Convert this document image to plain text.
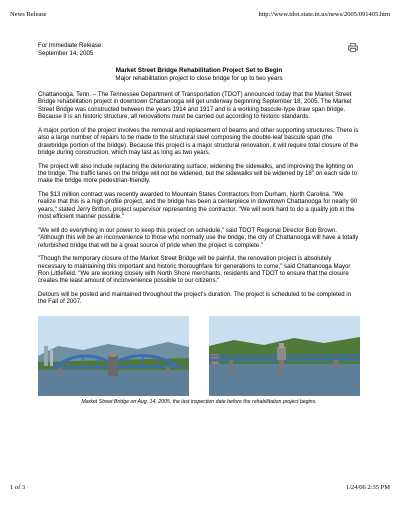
News Release	http://www.tdot.state.tn.us/news/2005/091405.htm
For Immediate Release:
September 14, 2005
Market Street Bridge Rehabilitation Project Set to Begin
Major rehabilitation project to close bridge for up to two years

Chattanooga, Tenn. – The Tennessee Department of Transportation (TDOT) announced today that the Market Street Bridge rehabilitation project in downtown Chattanooga will get underway beginning September 18, 2005. The Market Street Bridge was constructed between the years 1914 and 1917 and is a working bascule-type draw span bridge. Because it is an historic structure, all renovations must be carried out according to historic standards.

A major portion of the project involves the removal and replacement of beams and other supporting structures. There is also a large number of repairs to be made to the structural steel composing the double-leaf bascule span (the drawbridge portion of the bridge). Because this project is a major structural renovation, it will require total closure of the bridge during construction, which may last as long as two years.

The project will also include replacing the deteriorating surface, widening the sidewalks, and improving the lighting on the bridge. The traffic lanes on the bridge will not be widened, but the sidewalks will be widened by 18" on each side to make the bridge more pedestrian-friendly.

The $13 million contract was recently awarded to Mountain States Contractors from Durham, North Carolina. "We realize that this is a high-profile project, and the bridge has been a centerpiece in downtown Chattanooga for nearly 90 years," stated Jerry Britton, project supervisor representing the contractor. "We will work hard to do a quality job in the most efficient manner possible."

"We will do everything in our power to keep this project on schedule," said TDOT Regional Director Bob Brown. "Although this will be an inconvenience to those who normally use the bridge, the city of Chattanooga will have a totally refurbished bridge that will be a great source of pride when the project is complete."

"Though the temporary closure of the Market Street Bridge will be painful, the renovation project is absolutely necessary to maintaining this important and historic thoroughfare for generations to come," said Chattanooga Mayor Ron Littlefield. "We are working closely with North Shore merchants, residents and TDOT to ensure that the closure creates the least amount of inconvenience possible to our citizens."

Detours will be posted and maintained throughout the project's duration. The project is scheduled to be completed in the Fall of 2007.

Market Street Bridge on Aug. 14, 2005, the last inspection date before the rehabilitation project begins.
1 of 3	1/24/06 2:35 PM
